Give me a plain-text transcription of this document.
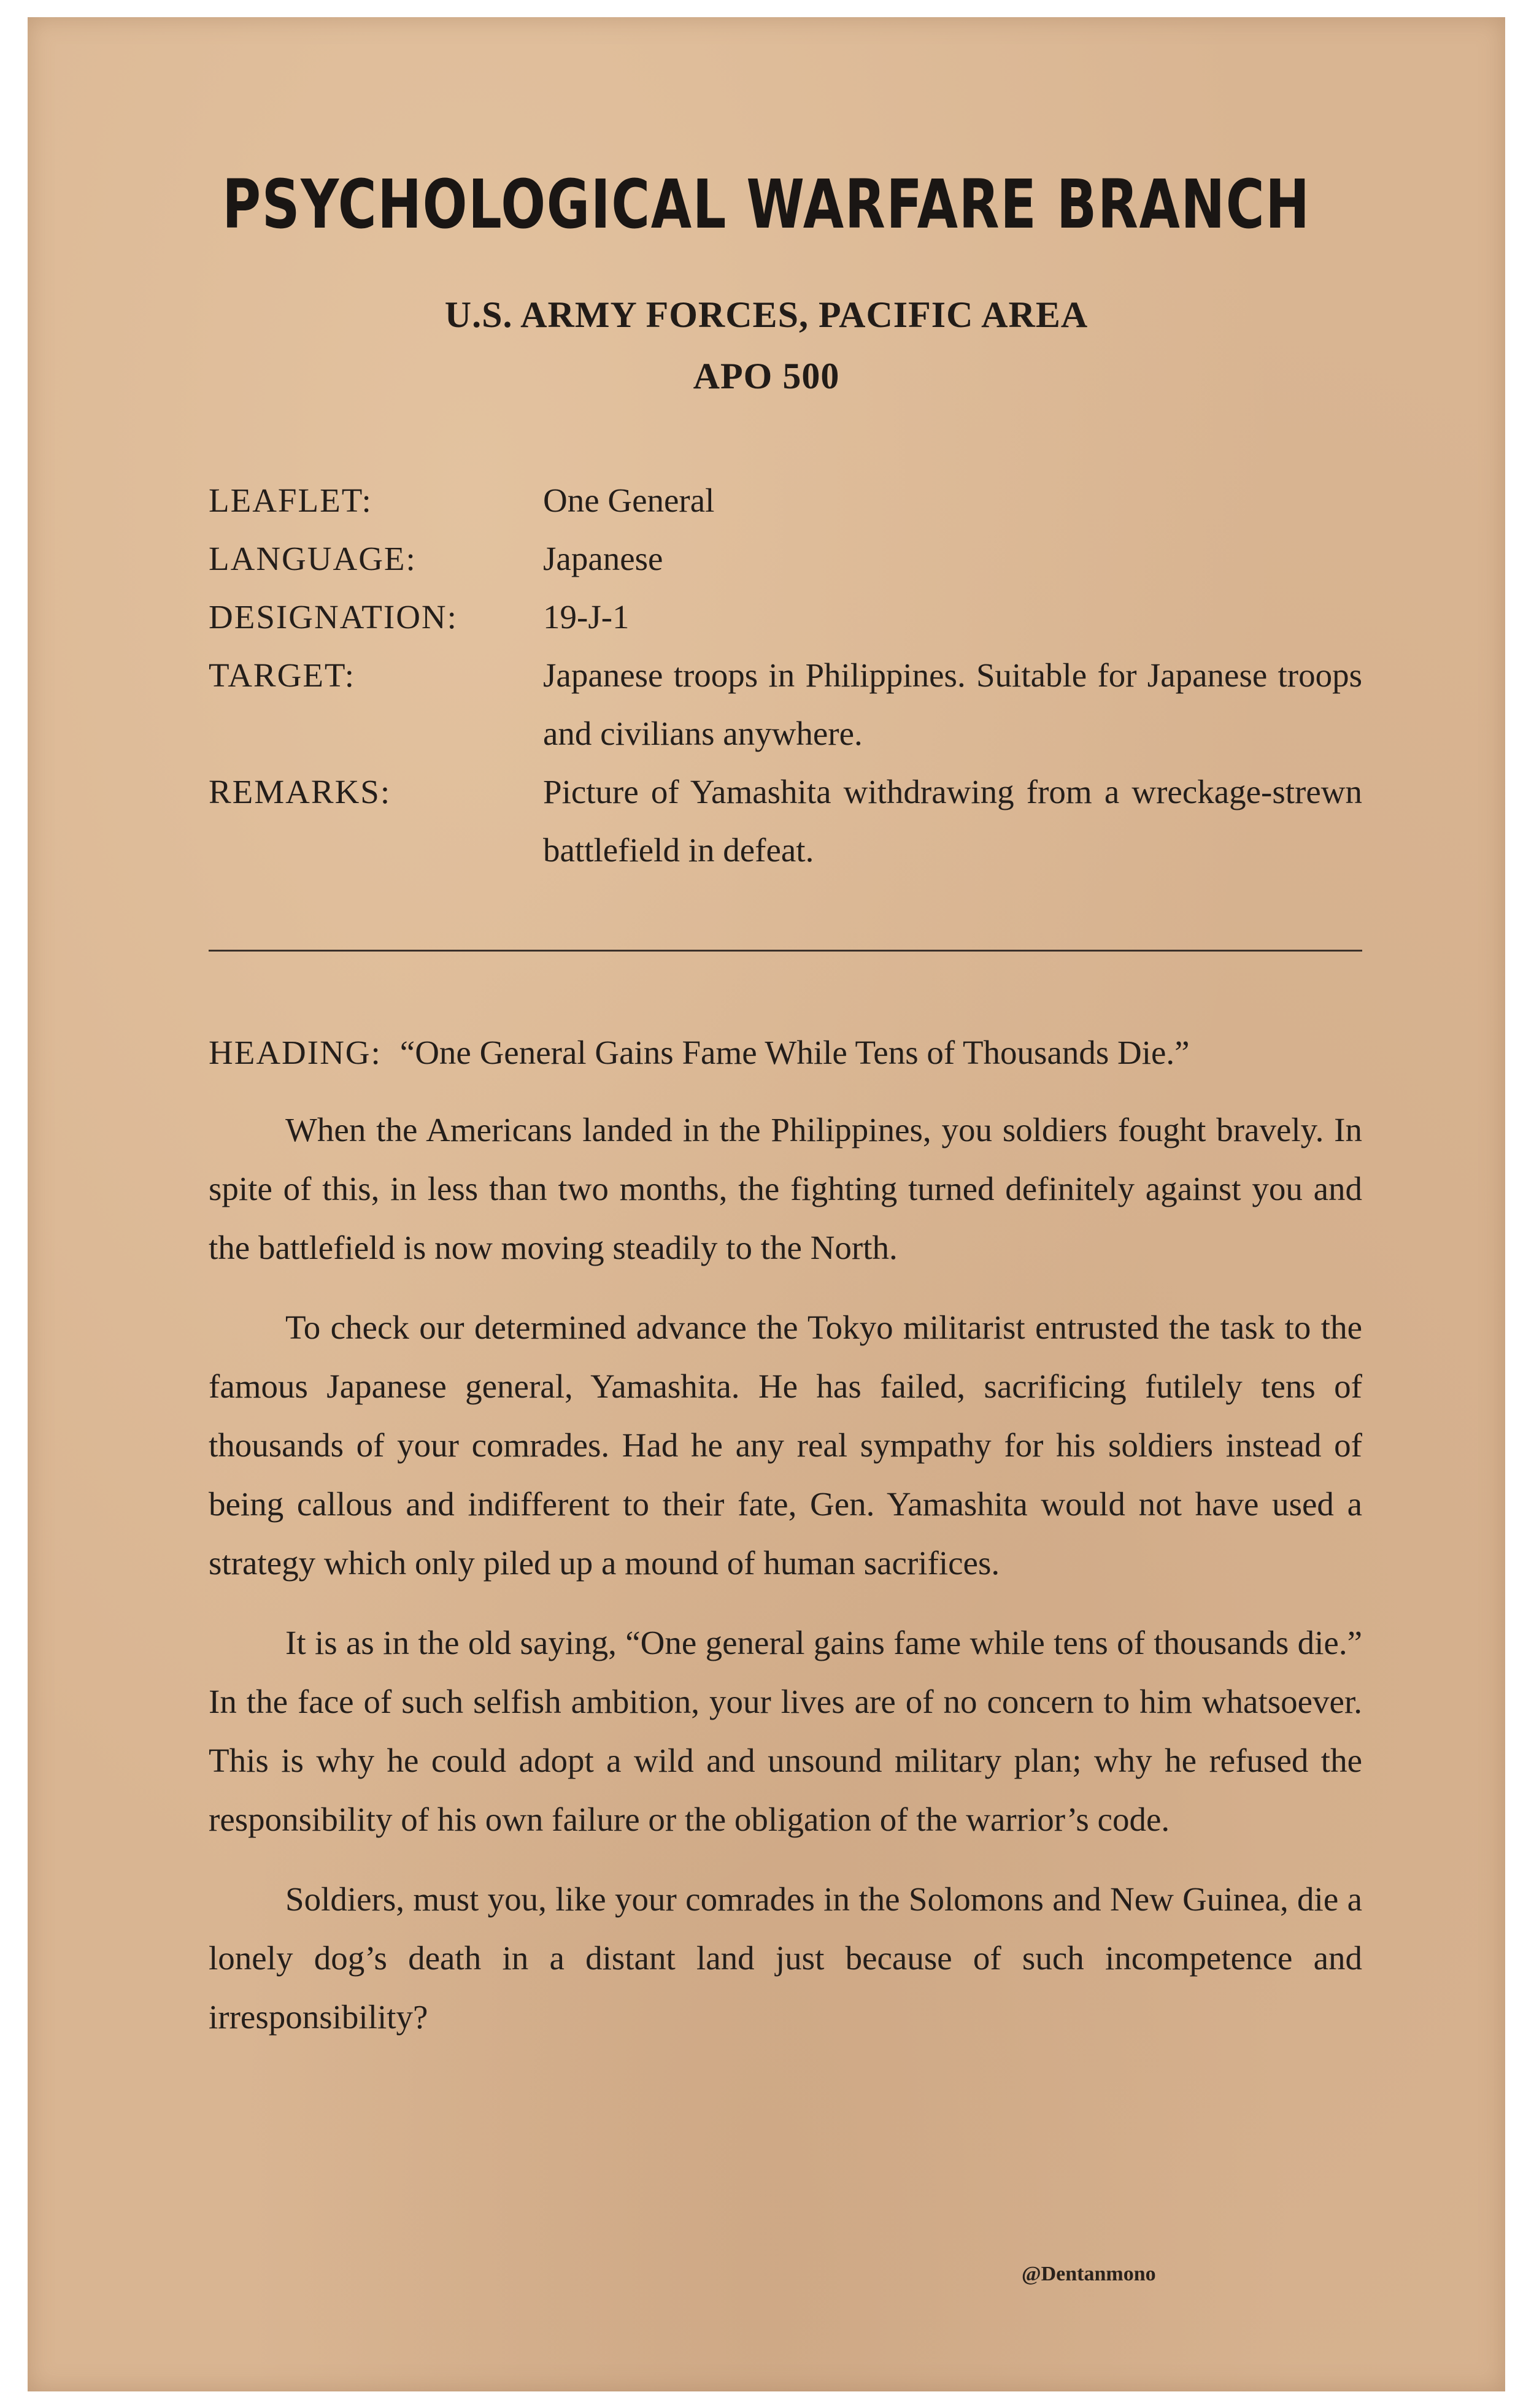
PSYCHOLOGICAL WARFARE BRANCH
U.S. ARMY FORCES, PACIFIC AREA
APO 500
LEAFLET:	One General
LANGUAGE:	Japanese
DESIGNATION:	19-J-1
TARGET:	Japanese troops in Philippines. Suitable for Japanese troops and civilians anywhere.
REMARKS:	Picture of Yamashita withdrawing from a wreckage-strewn battlefield in defeat.

HEADING: “One General Gains Fame While Tens of Thousands Die.”

When the Americans landed in the Philippines, you soldiers fought bravely. In spite of this, in less than two months, the fighting turned definitely against you and the battlefield is now moving steadily to the North.

To check our determined advance the Tokyo militarist entrusted the task to the famous Japanese general, Yamashita. He has failed, sacrificing futilely tens of thousands of your comrades. Had he any real sympathy for his soldiers instead of being callous and indifferent to their fate, Gen. Yamashita would not have used a strategy which only piled up a mound of human sacrifices.

It is as in the old saying, “One general gains fame while tens of thousands die.” In the face of such selfish ambition, your lives are of no concern to him whatsoever. This is why he could adopt a wild and unsound military plan; why he refused the responsibility of his own failure or the obligation of the warrior’s code.

Soldiers, must you, like your comrades in the Solomons and New Guinea, die a lonely dog’s death in a distant land just because of such incompetence and irresponsibility?

@Dentanmono
